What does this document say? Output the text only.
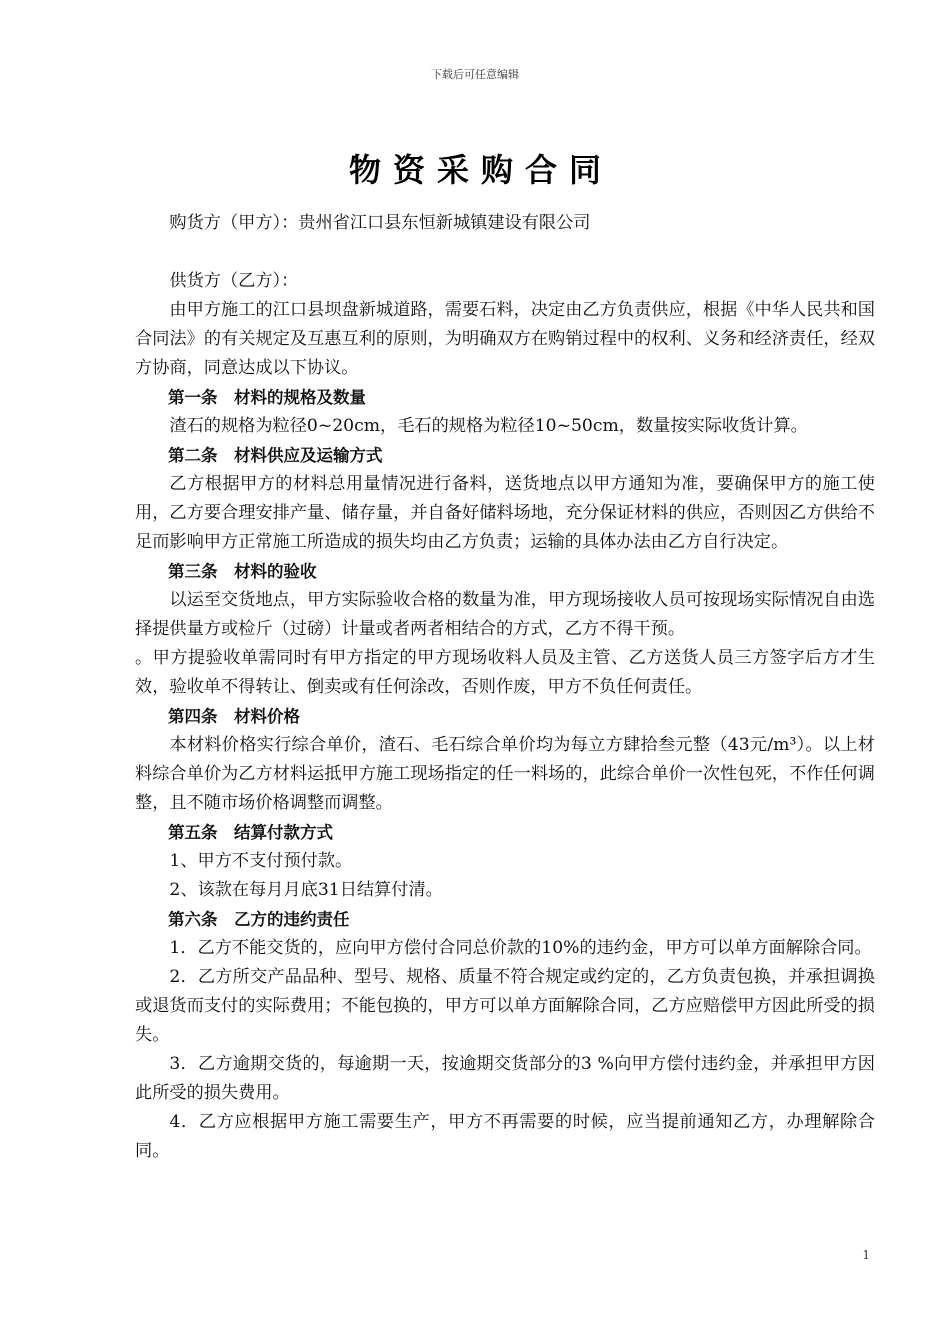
下载后可任意编辑
物资采购合同

购货方（甲方）：贵州省江口县东恒新城镇建设有限公司

供货方（乙方）：

由甲方施工的江口县坝盘新城道路，需要石料，决定由乙方负责供应，根据《中华人民共和国合同法》的有关规定及互惠互利的原则，为明确双方在购销过程中的权利、义务和经济责任，经双方协商，同意达成以下协议。

第一条　材料的规格及数量

渣石的规格为粒径0~20cm，毛石的规格为粒径10~50cm，数量按实际收货计算。

第二条　材料供应及运输方式

乙方根据甲方的材料总用量情况进行备料，送货地点以甲方通知为准，要确保甲方的施工使用，乙方要合理安排产量、储存量，并自备好储料场地，充分保证材料的供应，否则因乙方供给不足而影响甲方正常施工所造成的损失均由乙方负责；运输的具体办法由乙方自行决定。

第三条　材料的验收

以运至交货地点，甲方实际验收合格的数量为准，甲方现场接收人员可按现场实际情况自由选择提供量方或检斤（过磅）计量或者两者相结合的方式，乙方不得干预。

。甲方提验收单需同时有甲方指定的甲方现场收料人员及主管、乙方送货人员三方签字后方才生效，验收单不得转让、倒卖或有任何涂改，否则作废，甲方不负任何责任。

第四条　材料价格

本材料价格实行综合单价，渣石、毛石综合单价均为每立方肆拾叁元整（43元/m³）。以上材料综合单价为乙方材料运抵甲方施工现场指定的任一料场的，此综合单价一次性包死，不作任何调整，且不随市场价格调整而调整。

第五条　结算付款方式

1、甲方不支付预付款。

2、该款在每月月底31日结算付清。

第六条　乙方的违约责任

1．乙方不能交货的，应向甲方偿付合同总价款的10%的违约金，甲方可以单方面解除合同。

2．乙方所交产品品种、型号、规格、质量不符合规定或约定的，乙方负责包换，并承担调换或退货而支付的实际费用；不能包换的，甲方可以单方面解除合同，乙方应赔偿甲方因此所受的损失。

3．乙方逾期交货的，每逾期一天，按逾期交货部分的3 %向甲方偿付违约金，并承担甲方因此所受的损失费用。

4．乙方应根据甲方施工需要生产，甲方不再需要的时候，应当提前通知乙方，办理解除合同。

1
